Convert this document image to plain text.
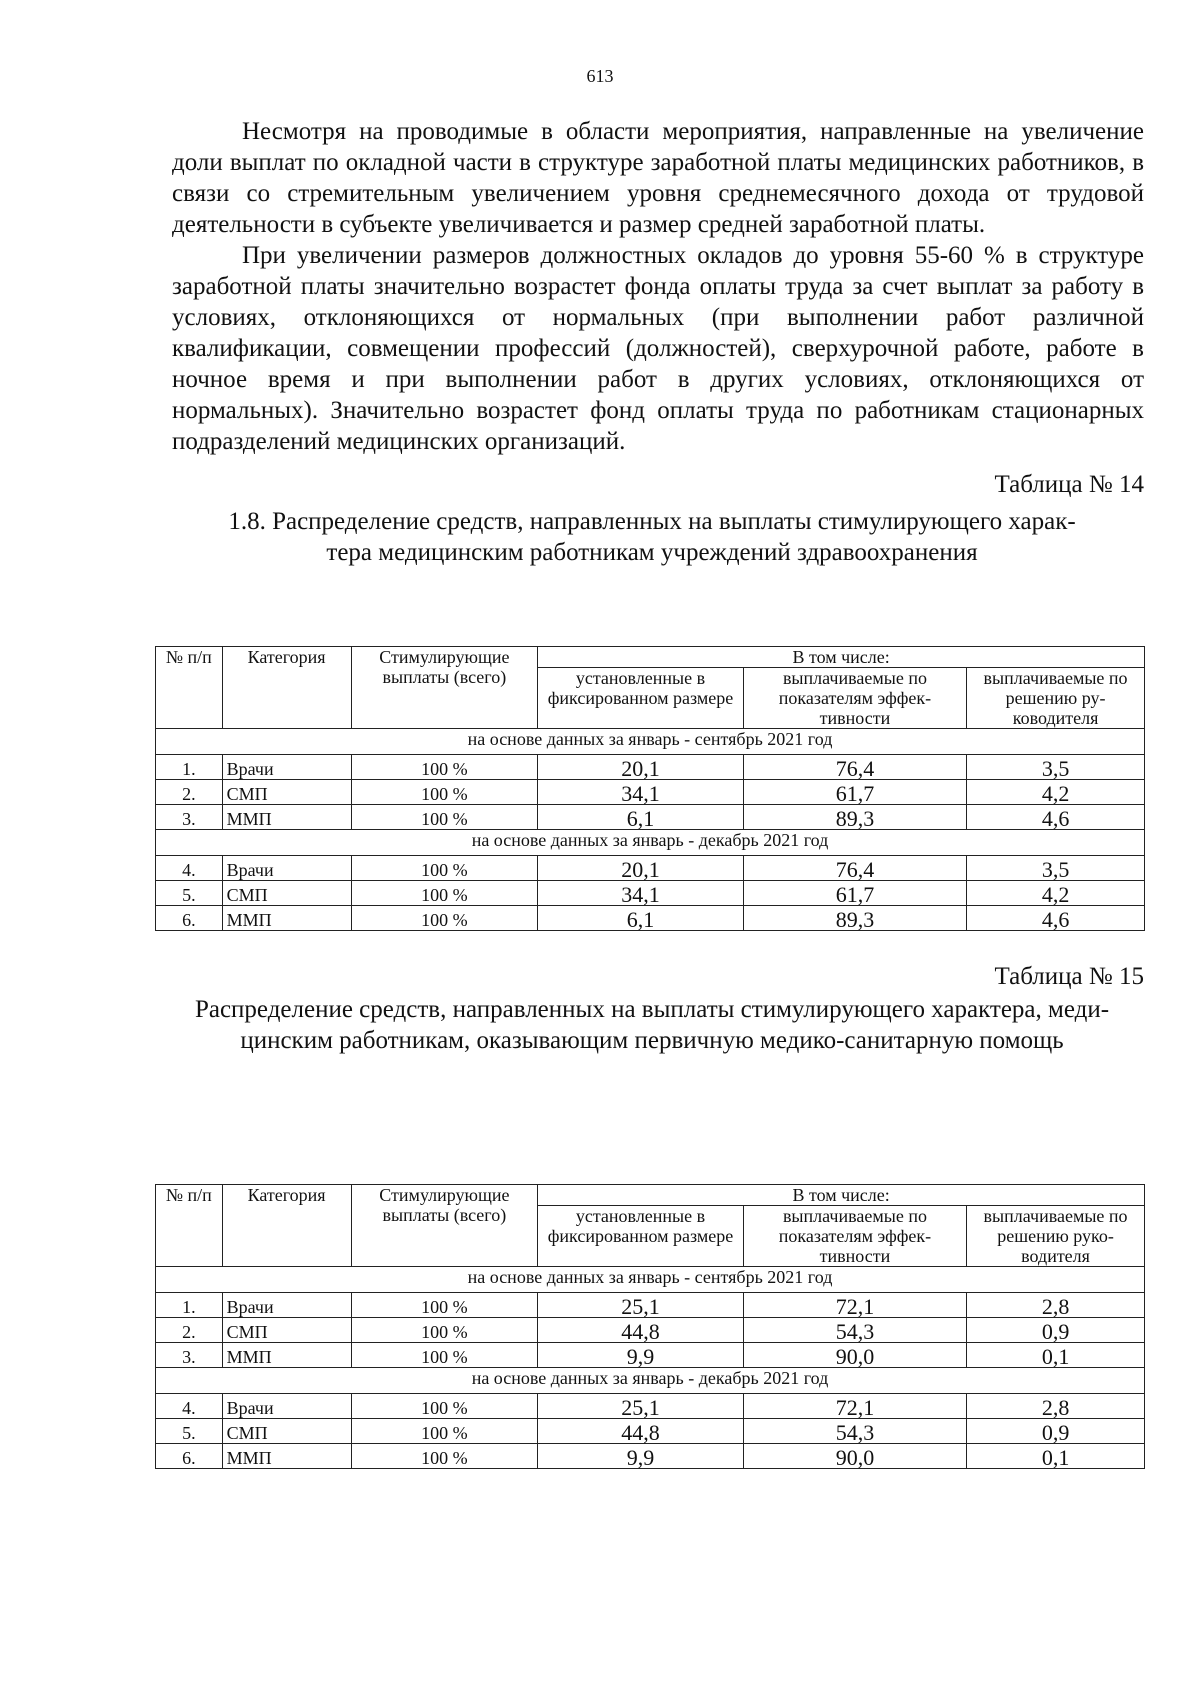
613

Несмотря на проводимые в области мероприятия, направленные на увеличение доли выплат по окладной части в структуре заработной платы медицинских работников, в связи со стремительным увеличением уровня среднемесячного дохода от трудовой деятельности в субъекте увеличивается и размер средней заработной платы.

При увеличении размеров должностных окладов до уровня 55-60 % в структуре заработной платы значительно возрастет фонда оплаты труда за счет выплат за работу в условиях, отклоняющихся от нормальных (при выполнении работ различной квалификации, совмещении профессий (должностей), сверхурочной работе, работе в ночное время и при выполнении работ в других условиях, отклоняющихся от нормальных). Значительно возрастет фонд оплаты труда по работникам стационарных подразделений медицинских организаций.

Таблица № 14
1.8. Распределение средств, направленных на выплаты стимулирующего харак-
тера медицинским работникам учреждений здравоохранения
№ п/п	Категория	Стимулирующие выплаты (всего)	В том числе:		
			установленные в фиксированном размере	выплачиваемые по показателям эффек-тивности	выплачиваемые по решению ру-ководителя
на основе данных за январь - сентябрь 2021 год					
1.	Врачи	100 %	20,1	76,4	3,5
2.	СМП	100 %	34,1	61,7	4,2
3.	ММП	100 %	6,1	89,3	4,6
на основе данных за январь - декабрь 2021 год					
4.	Врачи	100 %	20,1	76,4	3,5
5.	СМП	100 %	34,1	61,7	4,2
6.	ММП	100 %	6,1	89,3	4,6
Таблица № 15
Распределение средств, направленных на выплаты стимулирующего характера, меди-
цинским работникам, оказывающим первичную медико-санитарную помощь
№ п/п	Категория	Стимулирующие выплаты (всего)	В том числе:		
			установленные в фиксированном размере	выплачиваемые по показателям эффек-тивности	выплачиваемые по решению руко-водителя
на основе данных за январь - сентябрь 2021 год					
1.	Врачи	100 %	25,1	72,1	2,8
2.	СМП	100 %	44,8	54,3	0,9
3.	ММП	100 %	9,9	90,0	0,1
на основе данных за январь - декабрь 2021 год					
4.	Врачи	100 %	25,1	72,1	2,8
5.	СМП	100 %	44,8	54,3	0,9
6.	ММП	100 %	9,9	90,0	0,1
